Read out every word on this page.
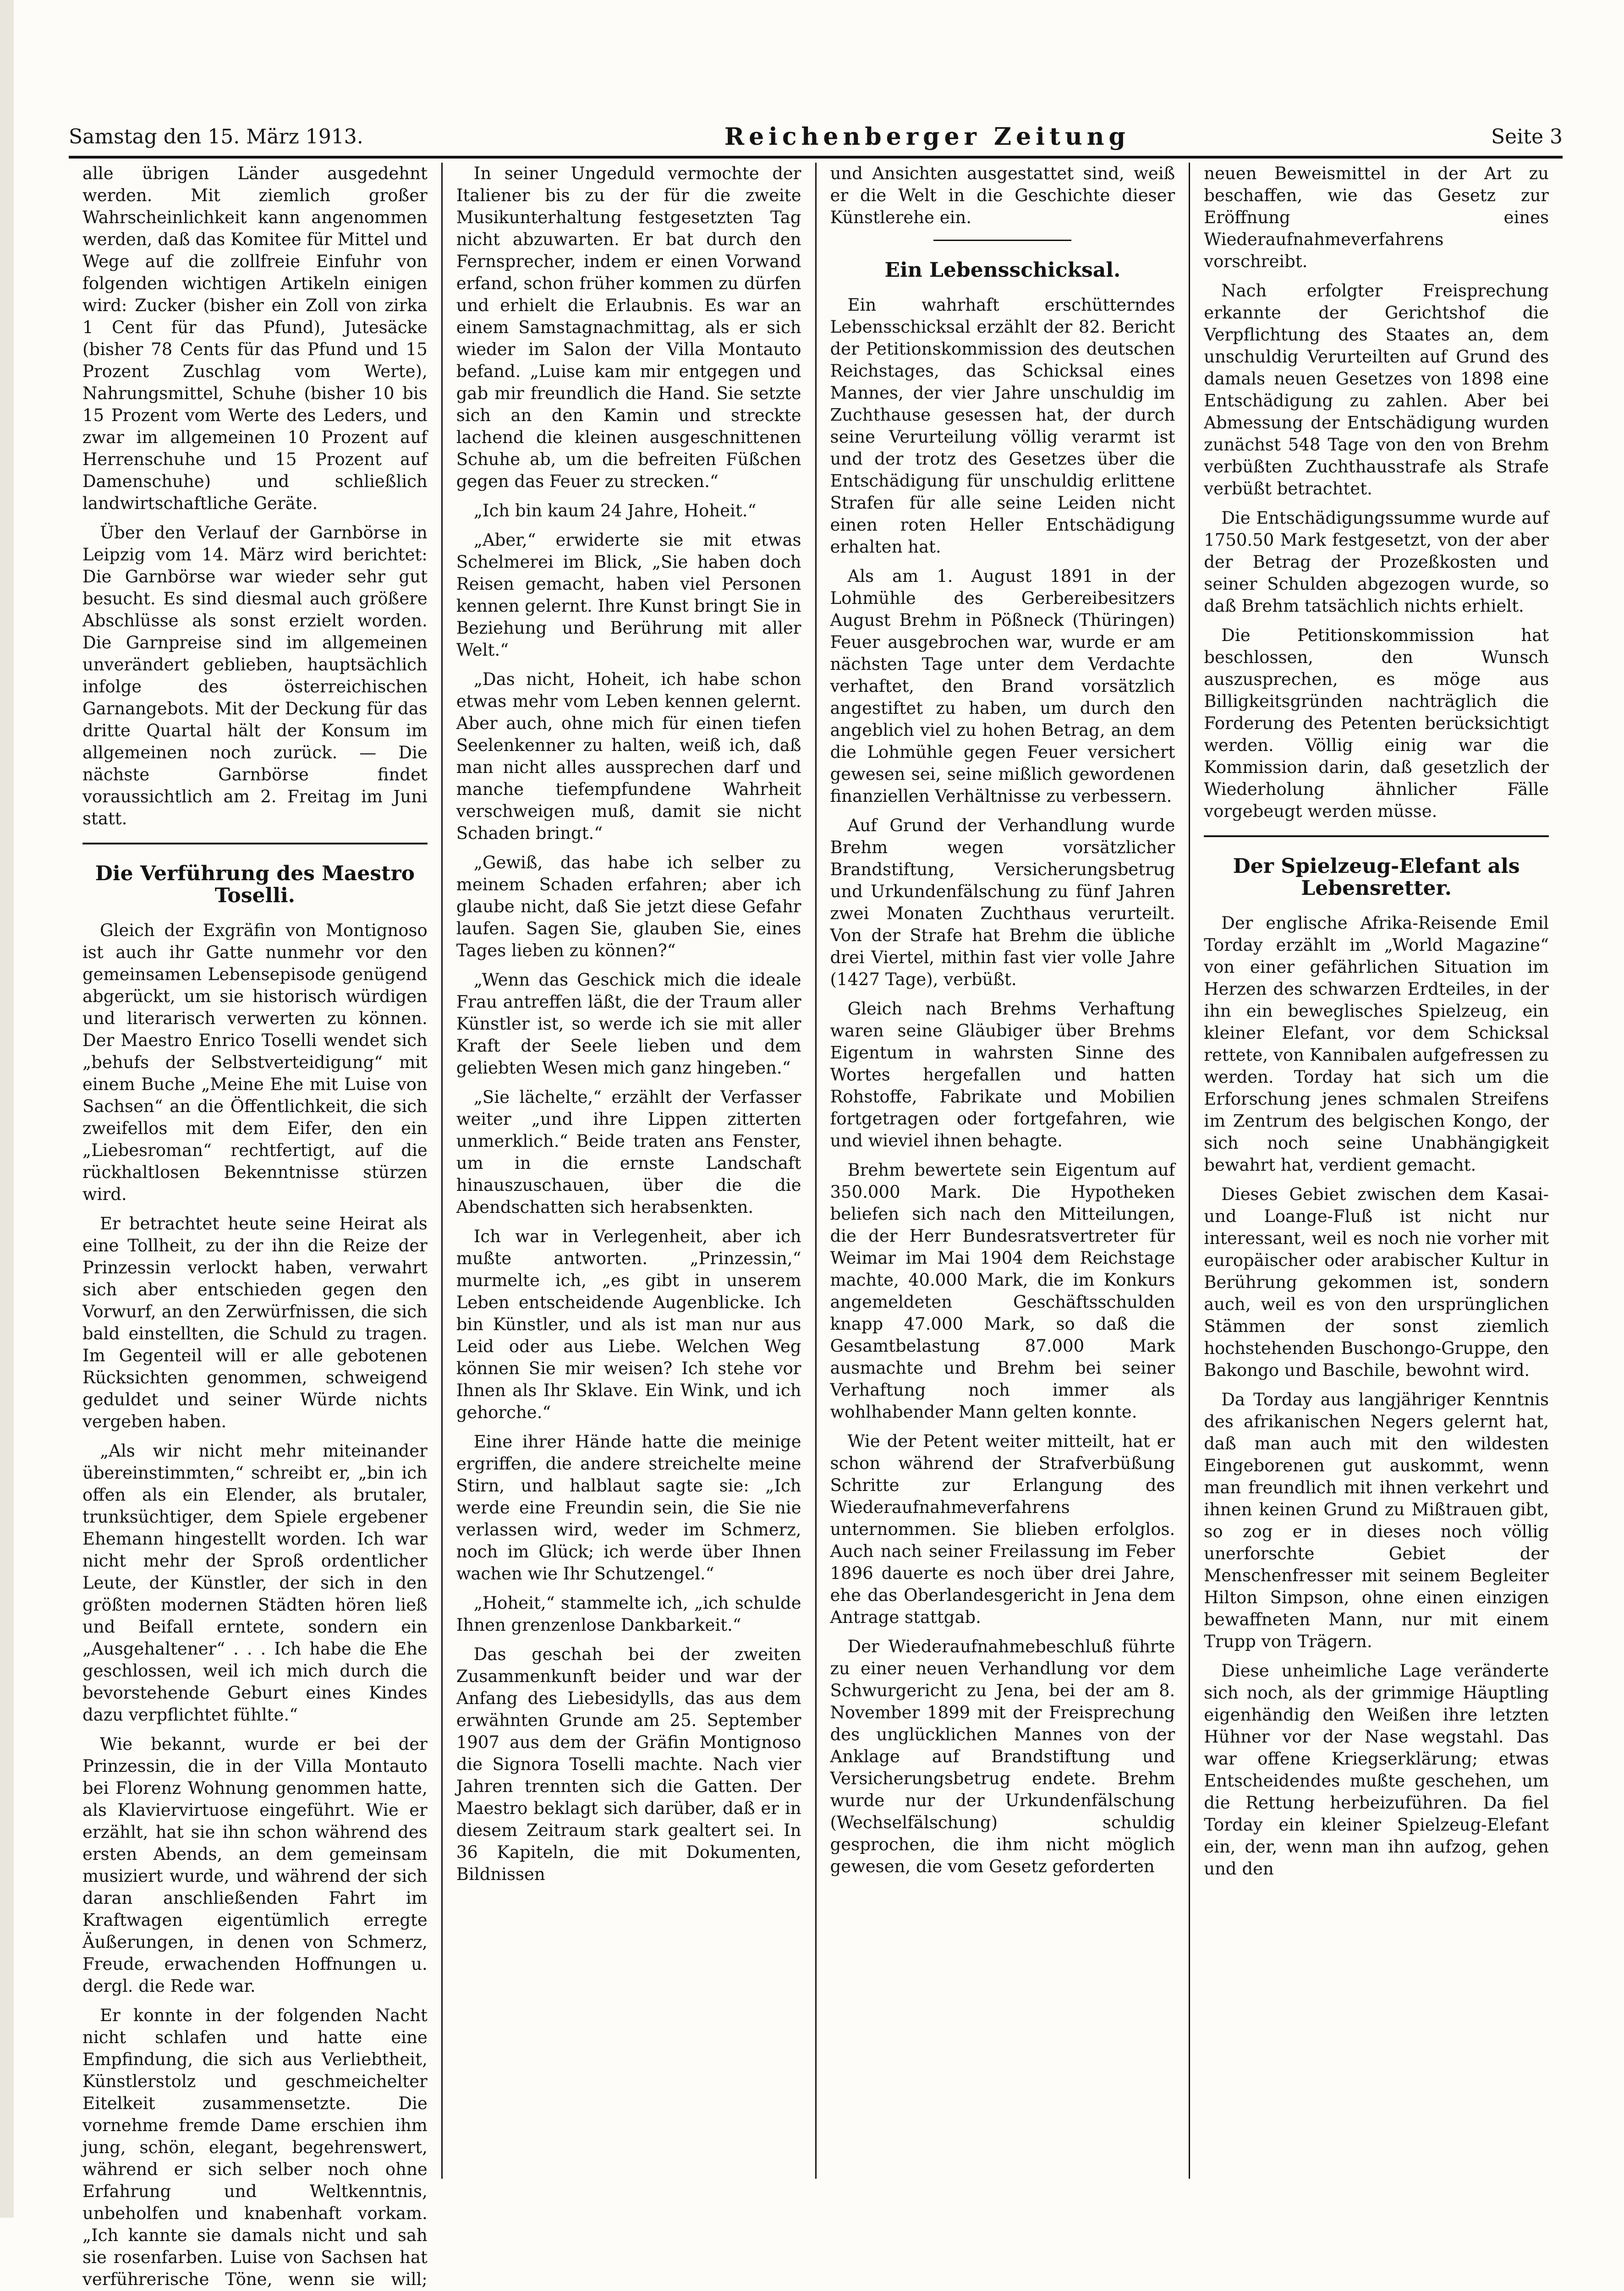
Samstag den 15. März 1913.	Reichenberger Zeitung	Seite 3

alle übrigen Länder ausgedehnt werden. Mit ziemlich großer Wahrscheinlichkeit kann angenommen werden, daß das Komitee für Mittel und Wege auf die zollfreie Einfuhr von folgenden wichtigen Artikeln einigen wird: Zucker (bisher ein Zoll von zirka 1 Cent für das Pfund), Jutesäcke (bisher 78 Cents für das Pfund und 15 Prozent Zuschlag vom Werte), Nahrungsmittel, Schuhe (bisher 10 bis 15 Prozent vom Werte des Leders, und zwar im allgemeinen 10 Prozent auf Herrenschuhe und 15 Prozent auf Damenschuhe) und schließlich landwirtschaftliche Geräte.

Über den Verlauf der Garnbörse in Leipzig vom 14. März wird berichtet: Die Garnbörse war wieder sehr gut besucht. Es sind diesmal auch größere Abschlüsse als sonst erzielt worden. Die Garnpreise sind im allgemeinen unverändert geblieben, hauptsächlich infolge des österreichischen Garnangebots. Mit der Deckung für das dritte Quartal hält der Konsum im allgemeinen noch zurück. — Die nächste Garnbörse findet voraussichtlich am 2. Freitag im Juni statt.

Die Verführung des Maestro Toselli.

Gleich der Exgräfin von Montignoso ist auch ihr Gatte nunmehr vor den gemeinsamen Lebensepisode genügend abgerückt, um sie historisch würdigen und literarisch verwerten zu können. Der Maestro Enrico Toselli wendet sich „behufs der Selbstverteidigung“ mit einem Buche „Meine Ehe mit Luise von Sachsen“ an die Öffentlichkeit, die sich zweifellos mit dem Eifer, den ein „Liebesroman“ rechtfertigt, auf die rückhaltlosen Bekenntnisse stürzen wird.

Er betrachtet heute seine Heirat als eine Tollheit, zu der ihn die Reize der Prinzessin verlockt haben, verwahrt sich aber entschieden gegen den Vorwurf, an den Zerwürfnissen, die sich bald einstellten, die Schuld zu tragen. Im Gegenteil will er alle gebotenen Rücksichten genommen, schweigend geduldet und seiner Würde nichts vergeben haben.

„Als wir nicht mehr miteinander übereinstimmten,“ schreibt er, „bin ich offen als ein Elender, als brutaler, trunksüchtiger, dem Spiele ergebener Ehemann hingestellt worden. Ich war nicht mehr der Sproß ordentlicher Leute, der Künstler, der sich in den größten modernen Städten hören ließ und Beifall erntete, sondern ein „Ausgehaltener“ . . . Ich habe die Ehe geschlossen, weil ich mich durch die bevorstehende Geburt eines Kindes dazu verpflichtet fühlte.“

Wie bekannt, wurde er bei der Prinzessin, die in der Villa Montauto bei Florenz Wohnung genommen hatte, als Klaviervirtuose eingeführt. Wie er erzählt, hat sie ihn schon während des ersten Abends, an dem gemeinsam musiziert wurde, und während der sich daran anschließenden Fahrt im Kraftwagen eigentümlich erregte Äußerungen, in denen von Schmerz, Freude, erwachenden Hoffnungen u. dergl. die Rede war.

Er konnte in der folgenden Nacht nicht schlafen und hatte eine Empfindung, die sich aus Verliebtheit, Künstlerstolz und geschmeichelter Eitelkeit zusammensetzte. Die vornehme fremde Dame erschien ihm jung, schön, elegant, begehrenswert, während er sich selber noch ohne Erfahrung und Weltkenntnis, unbeholfen und knabenhaft vorkam. „Ich kannte sie damals nicht und sah sie rosenfarben. Luise von Sachsen hat verführerische Töne, wenn sie will;

In seiner Ungeduld vermochte der Italiener bis zu der für die zweite Musikunterhaltung festgesetzten Tag nicht abzuwarten. Er bat durch den Fernsprecher, indem er einen Vorwand erfand, schon früher kommen zu dürfen und erhielt die Erlaubnis. Es war an einem Samstagnachmittag, als er sich wieder im Salon der Villa Montauto befand. „Luise kam mir entgegen und gab mir freundlich die Hand. Sie setzte sich an den Kamin und streckte lachend die kleinen ausgeschnittenen Schuhe ab, um die befreiten Füßchen gegen das Feuer zu strecken.“

„Ich bin kaum 24 Jahre, Hoheit.“

„Aber,“ erwiderte sie mit etwas Schelmerei im Blick, „Sie haben doch Reisen gemacht, haben viel Personen kennen gelernt. Ihre Kunst bringt Sie in Beziehung und Berührung mit aller Welt.“

„Das nicht, Hoheit, ich habe schon etwas mehr vom Leben kennen gelernt. Aber auch, ohne mich für einen tiefen Seelenkenner zu halten, weiß ich, daß man nicht alles aussprechen darf und manche tiefempfundene Wahrheit verschweigen muß, damit sie nicht Schaden bringt.“

„Gewiß, das habe ich selber zu meinem Schaden erfahren; aber ich glaube nicht, daß Sie jetzt diese Gefahr laufen. Sagen Sie, glauben Sie, eines Tages lieben zu können?“

„Wenn das Geschick mich die ideale Frau antreffen läßt, die der Traum aller Künstler ist, so werde ich sie mit aller Kraft der Seele lieben und dem geliebten Wesen mich ganz hingeben.“

„Sie lächelte,“ erzählt der Verfasser weiter „und ihre Lippen zitterten unmerklich.“ Beide traten ans Fenster, um in die ernste Landschaft hinauszuschauen, über die die Abendschatten sich herabsenkten.

Ich war in Verlegenheit, aber ich mußte antworten. „Prinzessin,“ murmelte ich, „es gibt in unserem Leben entscheidende Augenblicke. Ich bin Künstler, und als ist man nur aus Leid oder aus Liebe. Welchen Weg können Sie mir weisen? Ich stehe vor Ihnen als Ihr Sklave. Ein Wink, und ich gehorche.“

Eine ihrer Hände hatte die meinige ergriffen, die andere streichelte meine Stirn, und halblaut sagte sie: „Ich werde eine Freundin sein, die Sie nie verlassen wird, weder im Schmerz, noch im Glück; ich werde über Ihnen wachen wie Ihr Schutzengel.“

„Hoheit,“ stammelte ich, „ich schulde Ihnen grenzenlose Dankbarkeit.“

Das geschah bei der zweiten Zusammenkunft beider und war der Anfang des Liebesidylls, das aus dem erwähnten Grunde am 25. September 1907 aus dem der Gräfin Montignoso die Signora Toselli machte. Nach vier Jahren trennten sich die Gatten. Der Maestro beklagt sich darüber, daß er in diesem Zeitraum stark gealtert sei. In 36 Kapiteln, die mit Dokumenten, Bildnissen

und Ansichten ausgestattet sind, weiß er die Welt in die Geschichte dieser Künstlerehe ein.

Ein Lebensschicksal.

Ein wahrhaft erschütterndes Lebensschicksal erzählt der 82. Bericht der Petitionskommission des deutschen Reichstages, das Schicksal eines Mannes, der vier Jahre unschuldig im Zuchthause gesessen hat, der durch seine Verurteilung völlig verarmt ist und der trotz des Gesetzes über die Entschädigung für unschuldig erlittene Strafen für alle seine Leiden nicht einen roten Heller Entschädigung erhalten hat.

Als am 1. August 1891 in der Lohmühle des Gerbereibesitzers August Brehm in Pößneck (Thüringen) Feuer ausgebrochen war, wurde er am nächsten Tage unter dem Verdachte verhaftet, den Brand vorsätzlich angestiftet zu haben, um durch den angeblich viel zu hohen Betrag, an dem die Lohmühle gegen Feuer versichert gewesen sei, seine mißlich gewordenen finanziellen Verhältnisse zu verbessern.

Auf Grund der Verhandlung wurde Brehm wegen vorsätzlicher Brandstiftung, Versicherungsbetrug und Urkundenfälschung zu fünf Jahren zwei Monaten Zuchthaus verurteilt. Von der Strafe hat Brehm die übliche drei Viertel, mithin fast vier volle Jahre (1427 Tage), verbüßt.

Gleich nach Brehms Verhaftung waren seine Gläubiger über Brehms Eigentum in wahrsten Sinne des Wortes hergefallen und hatten Rohstoffe, Fabrikate und Mobilien fortgetragen oder fortgefahren, wie und wieviel ihnen behagte.

Brehm bewertete sein Eigentum auf 350.000 Mark. Die Hypotheken beliefen sich nach den Mitteilungen, die der Herr Bundesratsvertreter für Weimar im Mai 1904 dem Reichstage machte, 40.000 Mark, die im Konkurs angemeldeten Geschäftsschulden knapp 47.000 Mark, so daß die Gesamtbelastung 87.000 Mark ausmachte und Brehm bei seiner Verhaftung noch immer als wohlhabender Mann gelten konnte.

Wie der Petent weiter mitteilt, hat er schon während der Strafverbüßung Schritte zur Erlangung des Wiederaufnahmeverfahrens unternommen. Sie blieben erfolglos. Auch nach seiner Freilassung im Feber 1896 dauerte es noch über drei Jahre, ehe das Oberlandesgericht in Jena dem Antrage stattgab.

Der Wiederaufnahmebeschluß führte zu einer neuen Verhandlung vor dem Schwurgericht zu Jena, bei der am 8. November 1899 mit der Freisprechung des unglücklichen Mannes von der Anklage auf Brandstiftung und Versicherungsbetrug endete. Brehm wurde nur der Urkundenfälschung (Wechselfälschung) schuldig gesprochen, die ihm nicht möglich gewesen, die vom Gesetz geforderten

neuen Beweismittel in der Art zu beschaffen, wie das Gesetz zur Eröffnung eines Wiederaufnahmeverfahrens vorschreibt.

Nach erfolgter Freisprechung erkannte der Gerichtshof die Verpflichtung des Staates an, dem unschuldig Verurteilten auf Grund des damals neuen Gesetzes von 1898 eine Entschädigung zu zahlen. Aber bei Abmessung der Entschädigung wurden zunächst 548 Tage von den von Brehm verbüßten Zuchthausstrafe als Strafe verbüßt betrachtet.

Die Entschädigungssumme wurde auf 1750.50 Mark festgesetzt, von der aber der Betrag der Prozeßkosten und seiner Schulden abgezogen wurde, so daß Brehm tatsächlich nichts erhielt.

Die Petitionskommission hat beschlossen, den Wunsch auszusprechen, es möge aus Billigkeitsgründen nachträglich die Forderung des Petenten berücksichtigt werden. Völlig einig war die Kommission darin, daß gesetzlich der Wiederholung ähnlicher Fälle vorgebeugt werden müsse.

Der Spielzeug-Elefant als Lebensretter.

Der englische Afrika-Reisende Emil Torday erzählt im „World Magazine“ von einer gefährlichen Situation im Herzen des schwarzen Erdteiles, in der ihn ein beweglisches Spielzeug, ein kleiner Elefant, vor dem Schicksal rettete, von Kannibalen aufgefressen zu werden. Torday hat sich um die Erforschung jenes schmalen Streifens im Zentrum des belgischen Kongo, der sich noch seine Unabhängigkeit bewahrt hat, verdient gemacht.

Dieses Gebiet zwischen dem Kasai- und Loange-Fluß ist nicht nur interessant, weil es noch nie vorher mit europäischer oder arabischer Kultur in Berührung gekommen ist, sondern auch, weil es von den ursprünglichen Stämmen der sonst ziemlich hochstehenden Buschongo-Gruppe, den Bakongo und Baschile, bewohnt wird.

Da Torday aus langjähriger Kenntnis des afrikanischen Negers gelernt hat, daß man auch mit den wildesten Eingeborenen gut auskommt, wenn man freundlich mit ihnen verkehrt und ihnen keinen Grund zu Mißtrauen gibt, so zog er in dieses noch völlig unerforschte Gebiet der Menschenfresser mit seinem Begleiter Hilton Simpson, ohne einen einzigen bewaffneten Mann, nur mit einem Trupp von Trägern.

Diese unheimliche Lage veränderte sich noch, als der grimmige Häuptling eigenhändig den Weißen ihre letzten Hühner vor der Nase wegstahl. Das war offene Kriegserklärung; etwas Entscheidendes mußte geschehen, um die Rettung herbeizuführen. Da fiel Torday ein kleiner Spielzeug-Elefant ein, der, wenn man ihn aufzog, gehen und den
